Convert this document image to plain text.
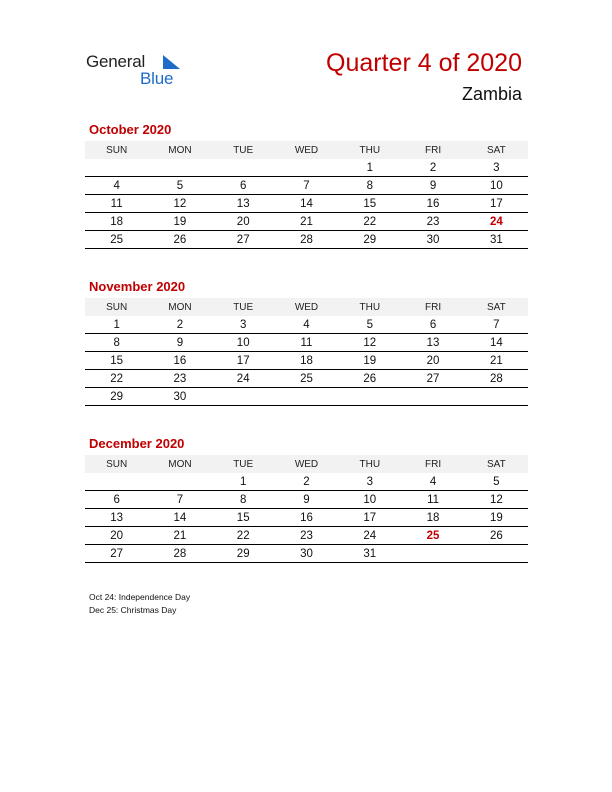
General
Blue
Quarter 4 of 2020
Zambia
October 2020
SUN	MON	TUE	WED	THU	FRI	SAT
				1	2	3
4	5	6	7	8	9	10
11	12	13	14	15	16	17
18	19	20	21	22	23	24
25	26	27	28	29	30	31
November 2020
SUN	MON	TUE	WED	THU	FRI	SAT
1	2	3	4	5	6	7
8	9	10	11	12	13	14
15	16	17	18	19	20	21
22	23	24	25	26	27	28
29	30					
December 2020
SUN	MON	TUE	WED	THU	FRI	SAT
		1	2	3	4	5
6	7	8	9	10	11	12
13	14	15	16	17	18	19
20	21	22	23	24	25	26
27	28	29	30	31		
Oct 24: Independence Day
Dec 25: Christmas Day
